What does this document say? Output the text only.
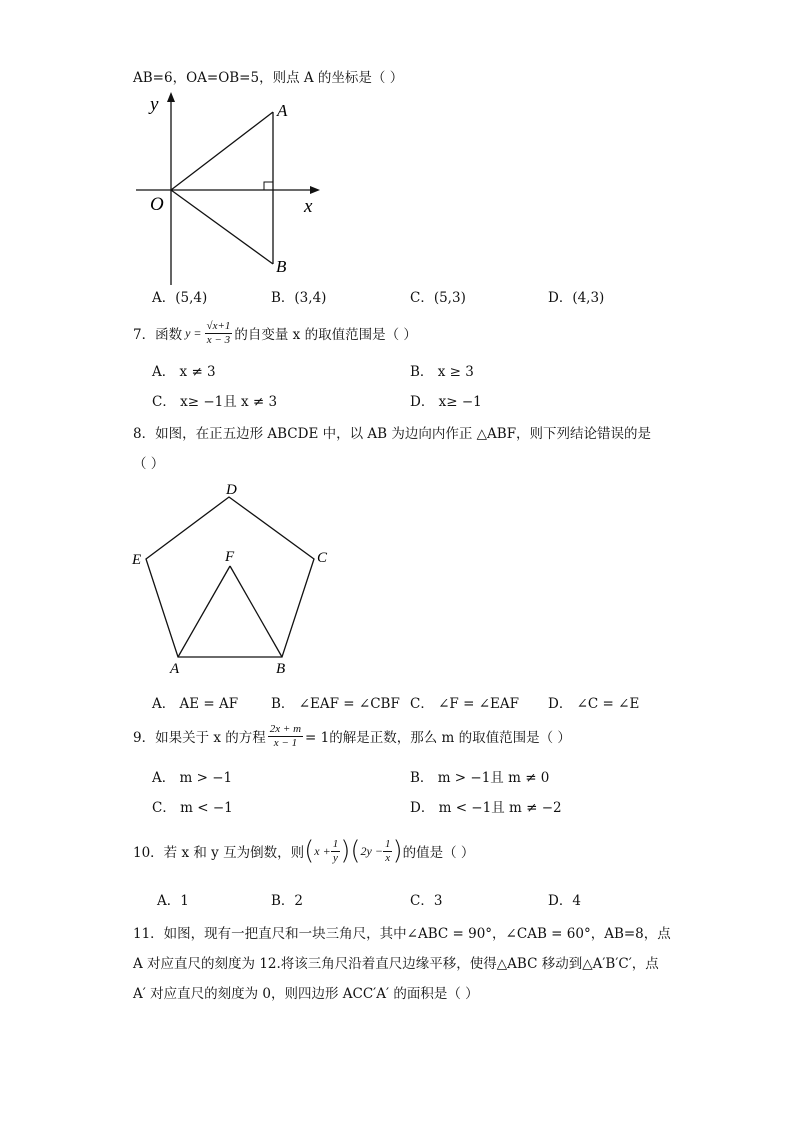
AB=6，OA=OB=5，则点 A 的坐标是（ ）
y
x
O
A
B
A．(5,4)	B．(3,4)	C．(5,3)	D．(4,3)
7．函数 $y = \frac{√x+1}{x - 3}$ 的自变量 x 的取值范围是（ ）
A． x ≠ 3	B． x ≥ 3
C． x≥ −1且 x ≠ 3	D． x≥ −1
8．如图，在正五边形 ABCDE 中，以 AB 为边向内作正 △ABF，则下列结论错误的是
（ ）
A	B
C
D
E	F
A． AE = AF B． ∠EAF = ∠CBF C． ∠F = ∠EAF D． ∠C = ∠E
9．如果关于 x 的方程 $\frac{2x + m}{x - 1} = 1$的解是正数，那么 m 的取值范围是（ ）
A． m > −1	B． m > −1且 m ≠ 0
C． m < −1	D． m < −1且 m ≠ −2
10．若 x 和 y 互为倒数，则 ( $x + \frac{1}{y}$ ) ( $2y - \frac{1}{x}$ ) 的值是（ ）
A．1	B．2	C．3	D．4
11．如图，现有一把直尺和一块三角尺，其中∠ABC = 90°，∠CAB = 60°，AB=8，点
A 对应直尺的刻度为 12.将该三角尺沿着直尺边缘平移，使得△ABC 移动到△A′B′C′，点
A′ 对应直尺的刻度为 0，则四边形 ACC′A′ 的面积是（ ）
